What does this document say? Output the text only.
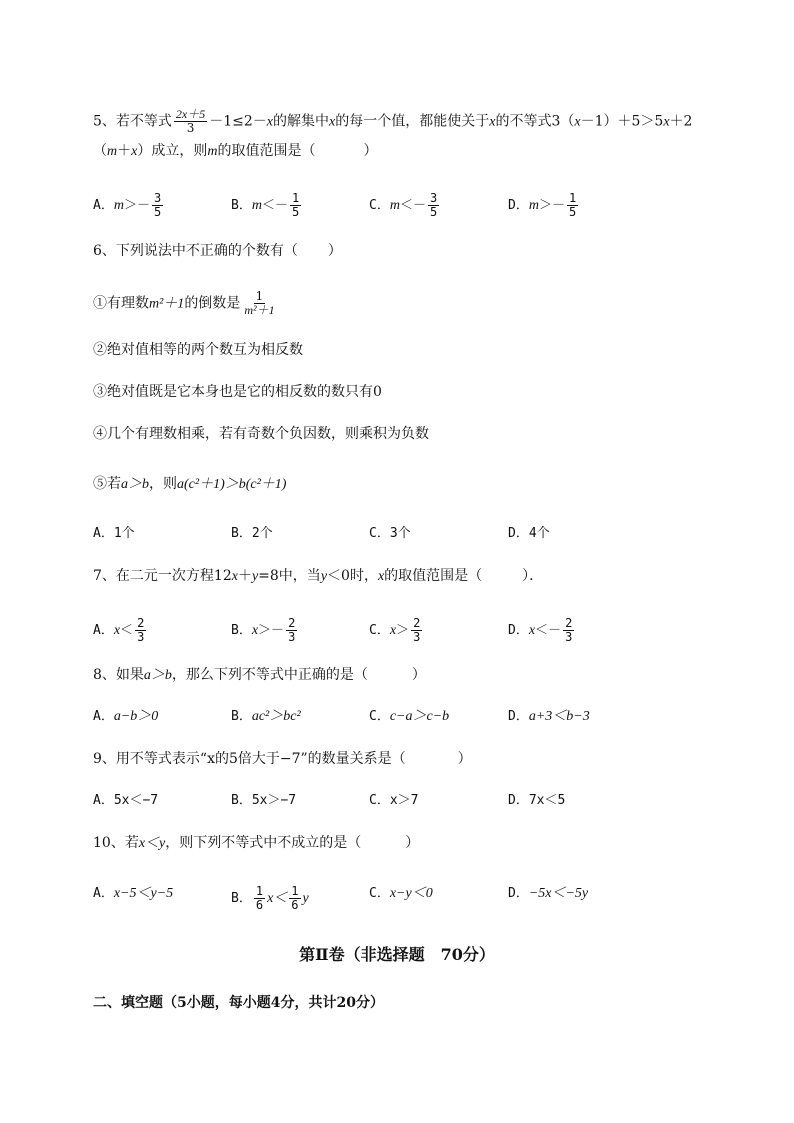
5、若不等式 $\frac{2x+5}{3} -1\le 2-x$的解集中x的每一个值，都能使关于x的不等式3（x－1）＋5＞5x＋2
（m＋x）成立，则m的取值范围是（	）
A．$m>- \frac{3}{5}$	B．$m<- \frac{1}{5}$	C．$m<- \frac{3}{5}$	D．$m>- \frac{1}{5}$
6、下列说法中不正确的个数有（ ）
①有理数m²＋1的倒数是 $\frac{1}{\text{m²＋1}}$
②绝对值相等的两个数互为相反数
③绝对值既是它本身也是它的相反数的数只有0
④几个有理数相乘，若有奇数个负因数，则乘积为负数
⑤若a＞b，则a(c²＋1)＞b(c²＋1)
A．1个	B．2个	C．3个	D．4个
7、在二元一次方程12x＋y=8中，当y＜0时，x的取值范围是（	）．
A．$x< \frac{2}{3}$	B．$x>- \frac{2}{3}$	C．$x> \frac{2}{3}$	D．$x<- \frac{2}{3}$
8、如果a＞b，那么下列不等式中正确的是（	）
A．a−b＞0	B．ac²＞bc²	C．c−a＞c−b	D．a+3＜b−3
9、用不等式表示“x的5倍大于−7”的数量关系是（	）
A．5x＜−7	B．5x＞−7	C．x＞7	D．7x＜5
10、若x＜y，则下列不等式中不成立的是（	）
A．x−5＜y−5	B． $\frac{1}{6} x< \frac{1}{6}$ y	C．x−y＜0	D．−5x＜−5y
第Ⅱ卷（非选择题　70分）
二、填空题（5小题，每小题4分，共计20分）
